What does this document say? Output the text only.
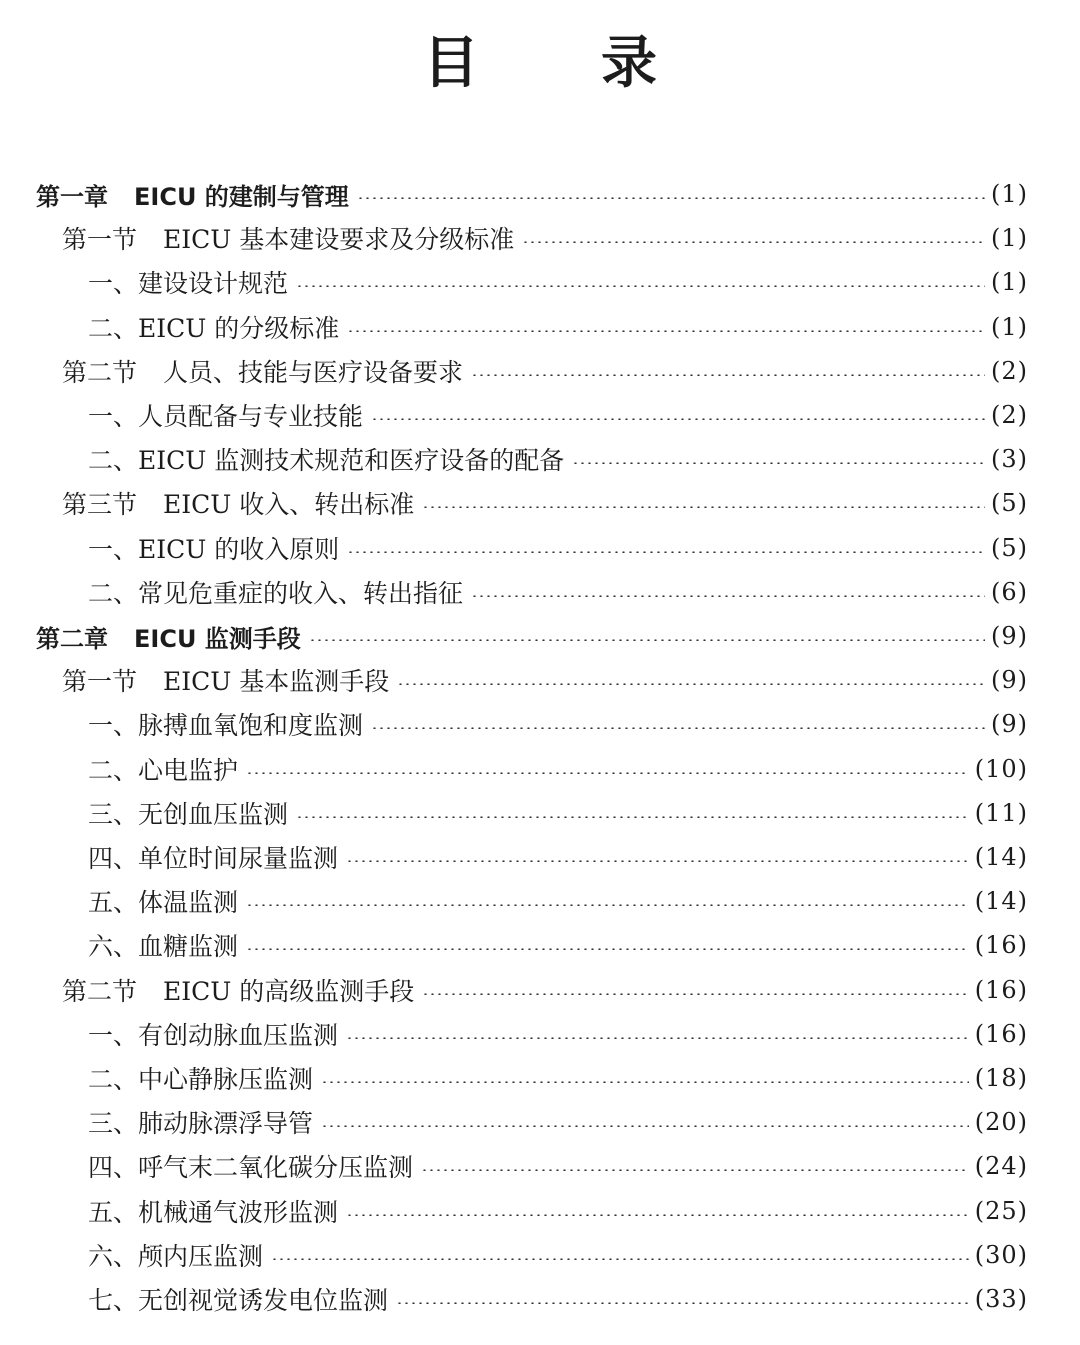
目 录
第一章 EICU 的建制与管理	(1)
第一节 EICU 基本建设要求及分级标准	(1)
一、建设设计规范	(1)
二、EICU 的分级标准	(1)
第二节 人员、技能与医疗设备要求	(2)
一、人员配备与专业技能	(2)
二、EICU 监测技术规范和医疗设备的配备	(3)
第三节 EICU 收入、转出标准	(5)
一、EICU 的收入原则	(5)
二、常见危重症的收入、转出指征	(6)
第二章 EICU 监测手段	(9)
第一节 EICU 基本监测手段	(9)
一、脉搏血氧饱和度监测	(9)
二、心电监护	(10)
三、无创血压监测	(11)
四、单位时间尿量监测	(14)
五、体温监测	(14)
六、血糖监测	(16)
第二节 EICU 的高级监测手段	(16)
一、有创动脉血压监测	(16)
二、中心静脉压监测	(18)
三、肺动脉漂浮导管	(20)
四、呼气末二氧化碳分压监测	(24)
五、机械通气波形监测	(25)
六、颅内压监测	(30)
七、无创视觉诱发电位监测	(33)
